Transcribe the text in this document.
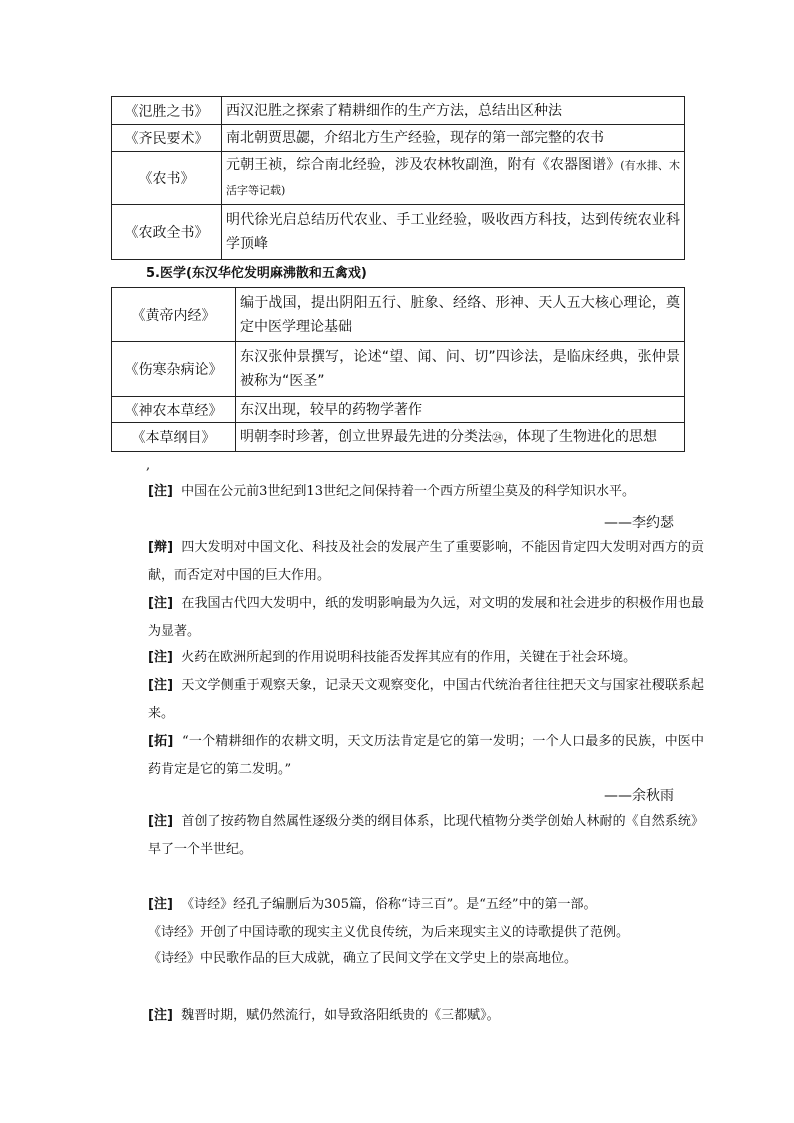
《氾胜之书》	西汉氾胜之探索了精耕细作的生产方法，总结出区种法
《齐民要术》	南北朝贾思勰，介绍北方生产经验，现存的第一部完整的农书
《农书》	元朝王祯，综合南北经验，涉及农林牧副渔，附有《农器图谱》(有水排、木活字等记载)
《农政全书》	明代徐光启总结历代农业、手工业经验，吸收西方科技，达到传统农业科学顶峰
5.医学(东汉华佗发明麻沸散和五禽戏)
《黄帝内经》	编于战国，提出阴阳五行、脏象、经络、形神、天人五大核心理论，奠定中医学理论基础
《伤寒杂病论》	东汉张仲景撰写，论述“望、闻、问、切”四诊法，是临床经典，张仲景被称为“医圣”
《神农本草经》	东汉出现，较早的药物学著作
《本草纲目》	明朝李时珍著，创立世界最先进的分类法㉔，体现了生物进化的思想
,
[注] 中国在公元前3世纪到13世纪之间保持着一个西方所望尘莫及的科学知识水平。
——李约瑟
[辩] 四大发明对中国文化、科技及社会的发展产生了重要影响，不能因肯定四大发明对西方的贡献，而否定对中国的巨大作用。
[注] 在我国古代四大发明中，纸的发明影响最为久远，对文明的发展和社会进步的积极作用也最为显著。
[注] 火药在欧洲所起到的作用说明科技能否发挥其应有的作用，关键在于社会环境。
[注] 天文学侧重于观察天象，记录天文观察变化，中国古代统治者往往把天文与国家社稷联系起来。
[拓] “一个精耕细作的农耕文明，天文历法肯定是它的第一发明；一个人口最多的民族，中医中药肯定是它的第二发明。”
——余秋雨
[注] 首创了按药物自然属性逐级分类的纲目体系，比现代植物分类学创始人林耐的《自然系统》早了一个半世纪。
[注] 《诗经》经孔子编删后为305篇，俗称“诗三百”。是“五经”中的第一部。
《诗经》开创了中国诗歌的现实主义优良传统，为后来现实主义的诗歌提供了范例。
《诗经》中民歌作品的巨大成就，确立了民间文学在文学史上的崇高地位。
[注] 魏晋时期，赋仍然流行，如导致洛阳纸贵的《三都赋》。
